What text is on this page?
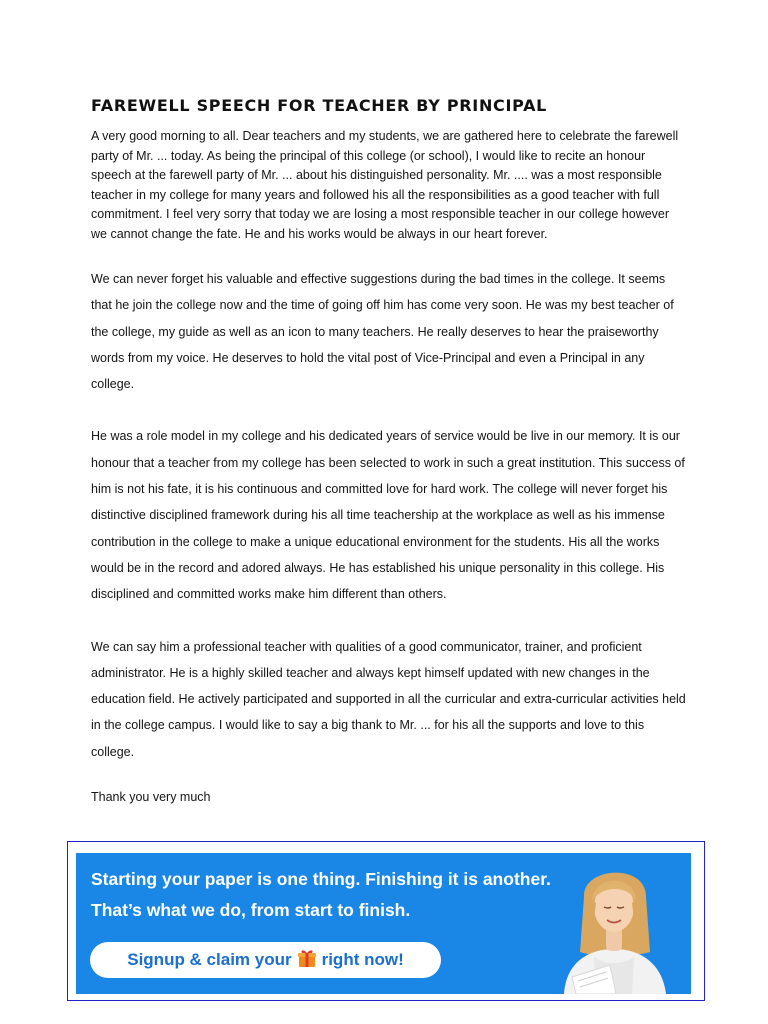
FAREWELL SPEECH FOR TEACHER BY PRINCIPAL

A very good morning to all. Dear teachers and my students, we are gathered here to celebrate the farewell party of Mr. ... today. As being the principal of this college (or school), I would like to recite an honour speech at the farewell party of Mr. ... about his distinguished personality. Mr. .... was a most responsible teacher in my college for many years and followed his all the responsibilities as a good teacher with full commitment. I feel very sorry that today we are losing a most responsible teacher in our college however we cannot change the fate. He and his works would be always in our heart forever.

We can never forget his valuable and effective suggestions during the bad times in the college. It seems that he join the college now and the time of going off him has come very soon. He was my best teacher of the college, my guide as well as an icon to many teachers. He really deserves to hear the praiseworthy words from my voice. He deserves to hold the vital post of Vice-Principal and even a Principal in any college.

He was a role model in my college and his dedicated years of service would be live in our memory. It is our honour that a teacher from my college has been selected to work in such a great institution. This success of him is not his fate, it is his continuous and committed love for hard work. The college will never forget his distinctive disciplined framework during his all time teachership at the workplace as well as his immense contribution in the college to make a unique educational environment for the students. His all the works would be in the record and adored always. He has established his unique personality in this college. His disciplined and committed works make him different than others.

We can say him a professional teacher with qualities of a good communicator, trainer, and proficient administrator. He is a highly skilled teacher and always kept himself updated with new changes in the education field. He actively participated and supported in all the curricular and extra-curricular activities held in the college campus. I would like to say a big thank to Mr. ... for his all the supports and love to this college.

Thank you very much

Starting your paper is one thing. Finishing it is another.
That’s what we do, from start to finish.
Signup & claim your right now!
